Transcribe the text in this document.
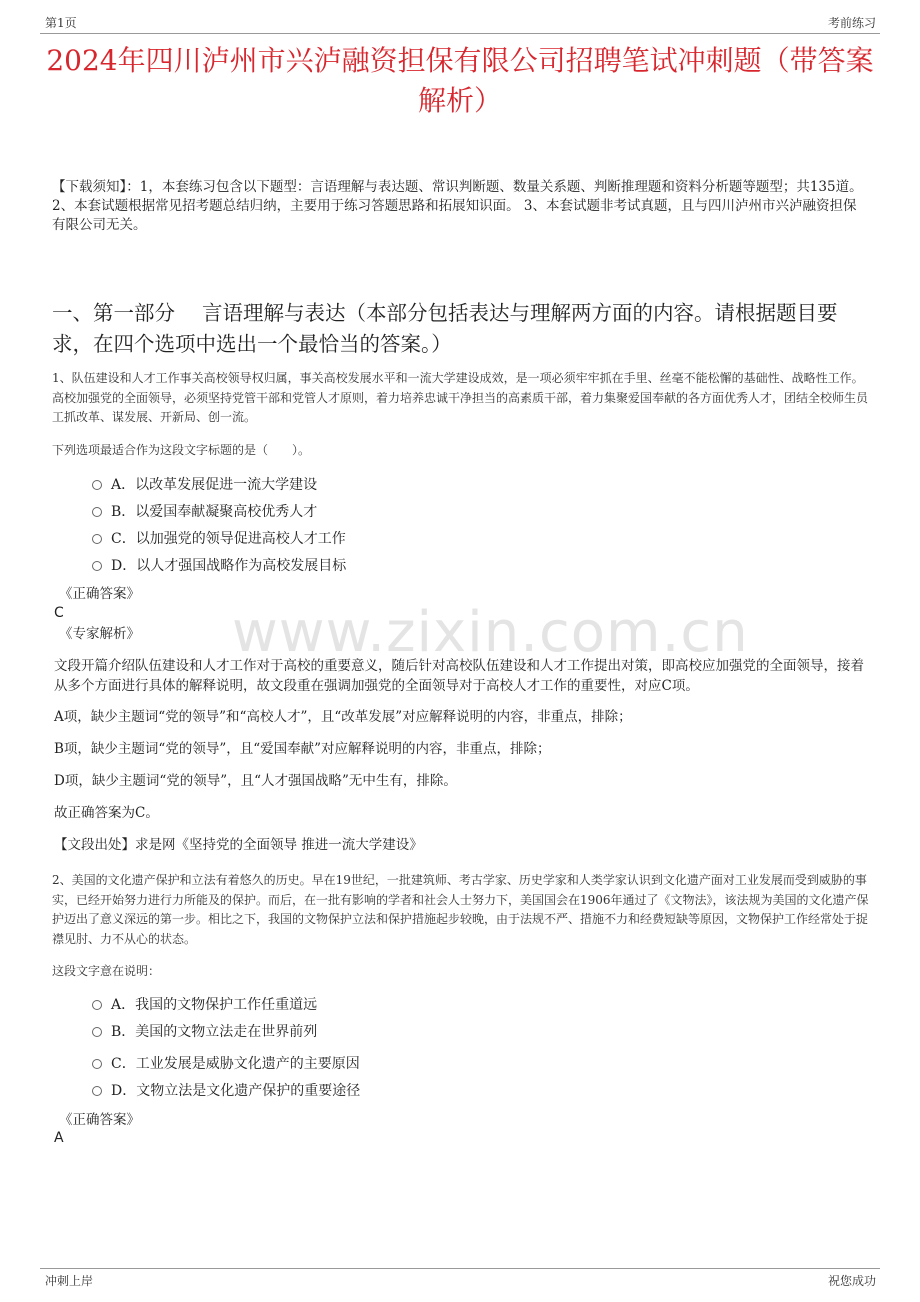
第1页	考前练习
2024年四川泸州市兴泸融资担保有限公司招聘笔试冲刺题（带答案解析）
【下载须知】：1，本套练习包含以下题型：言语理解与表达题、常识判断题、数量关系题、判断推理题和资料分析题等题型；共135道。 2、本套试题根据常见招考题总结归纳，主要用于练习答题思路和拓展知识面。 3、本套试题非考试真题，且与四川泸州市兴泸融资担保有限公司无关。
一、第一部分　 言语理解与表达（本部分包括表达与理解两方面的内容。请根据题目要求，在四个选项中选出一个最恰当的答案。）
www.zixin.com.cn
1、队伍建设和人才工作事关高校领导权归属，事关高校发展水平和一流大学建设成效，是一项必须牢牢抓在手里、丝毫不能松懈的基础性、战略性工作。高校加强党的全面领导，必须坚持党管干部和党管人才原则，着力培养忠诚干净担当的高素质干部，着力集聚爱国奉献的各方面优秀人才，团结全校师生员工抓改革、谋发展、开新局、创一流。
下列选项最适合作为这段文字标题的是（　　）。
A．以改革发展促进一流大学建设
B．以爱国奉献凝聚高校优秀人才
C．以加强党的领导促进高校人才工作
D．以人才强国战略作为高校发展目标
《正确答案》
C
《专家解析》
文段开篇介绍队伍建设和人才工作对于高校的重要意义，随后针对高校队伍建设和人才工作提出对策，即高校应加强党的全面领导，接着从多个方面进行具体的解释说明，故文段重在强调加强党的全面领导对于高校人才工作的重要性，对应C项。
A项，缺少主题词“党的领导”和“高校人才”，且“改革发展”对应解释说明的内容，非重点，排除；
B项，缺少主题词“党的领导”，且“爱国奉献”对应解释说明的内容，非重点，排除；
D项，缺少主题词“党的领导”，且“人才强国战略”无中生有，排除。
故正确答案为C。
【文段出处】求是网《坚持党的全面领导 推进一流大学建设》
2、美国的文化遗产保护和立法有着悠久的历史。早在19世纪，一批建筑师、考古学家、历史学家和人类学家认识到文化遗产面对工业发展而受到威胁的事实，已经开始努力进行力所能及的保护。而后，在一批有影响的学者和社会人士努力下，美国国会在1906年通过了《文物法》，该法规为美国的文化遗产保护迈出了意义深远的第一步。相比之下，我国的文物保护立法和保护措施起步较晚，由于法规不严、措施不力和经费短缺等原因，文物保护工作经常处于捉襟见肘、力不从心的状态。
这段文字意在说明：
A．我国的文物保护工作任重道远
B．美国的文物立法走在世界前列
C．工业发展是威胁文化遗产的主要原因
D．文物立法是文化遗产保护的重要途径
《正确答案》
A
冲刺上岸	祝您成功
